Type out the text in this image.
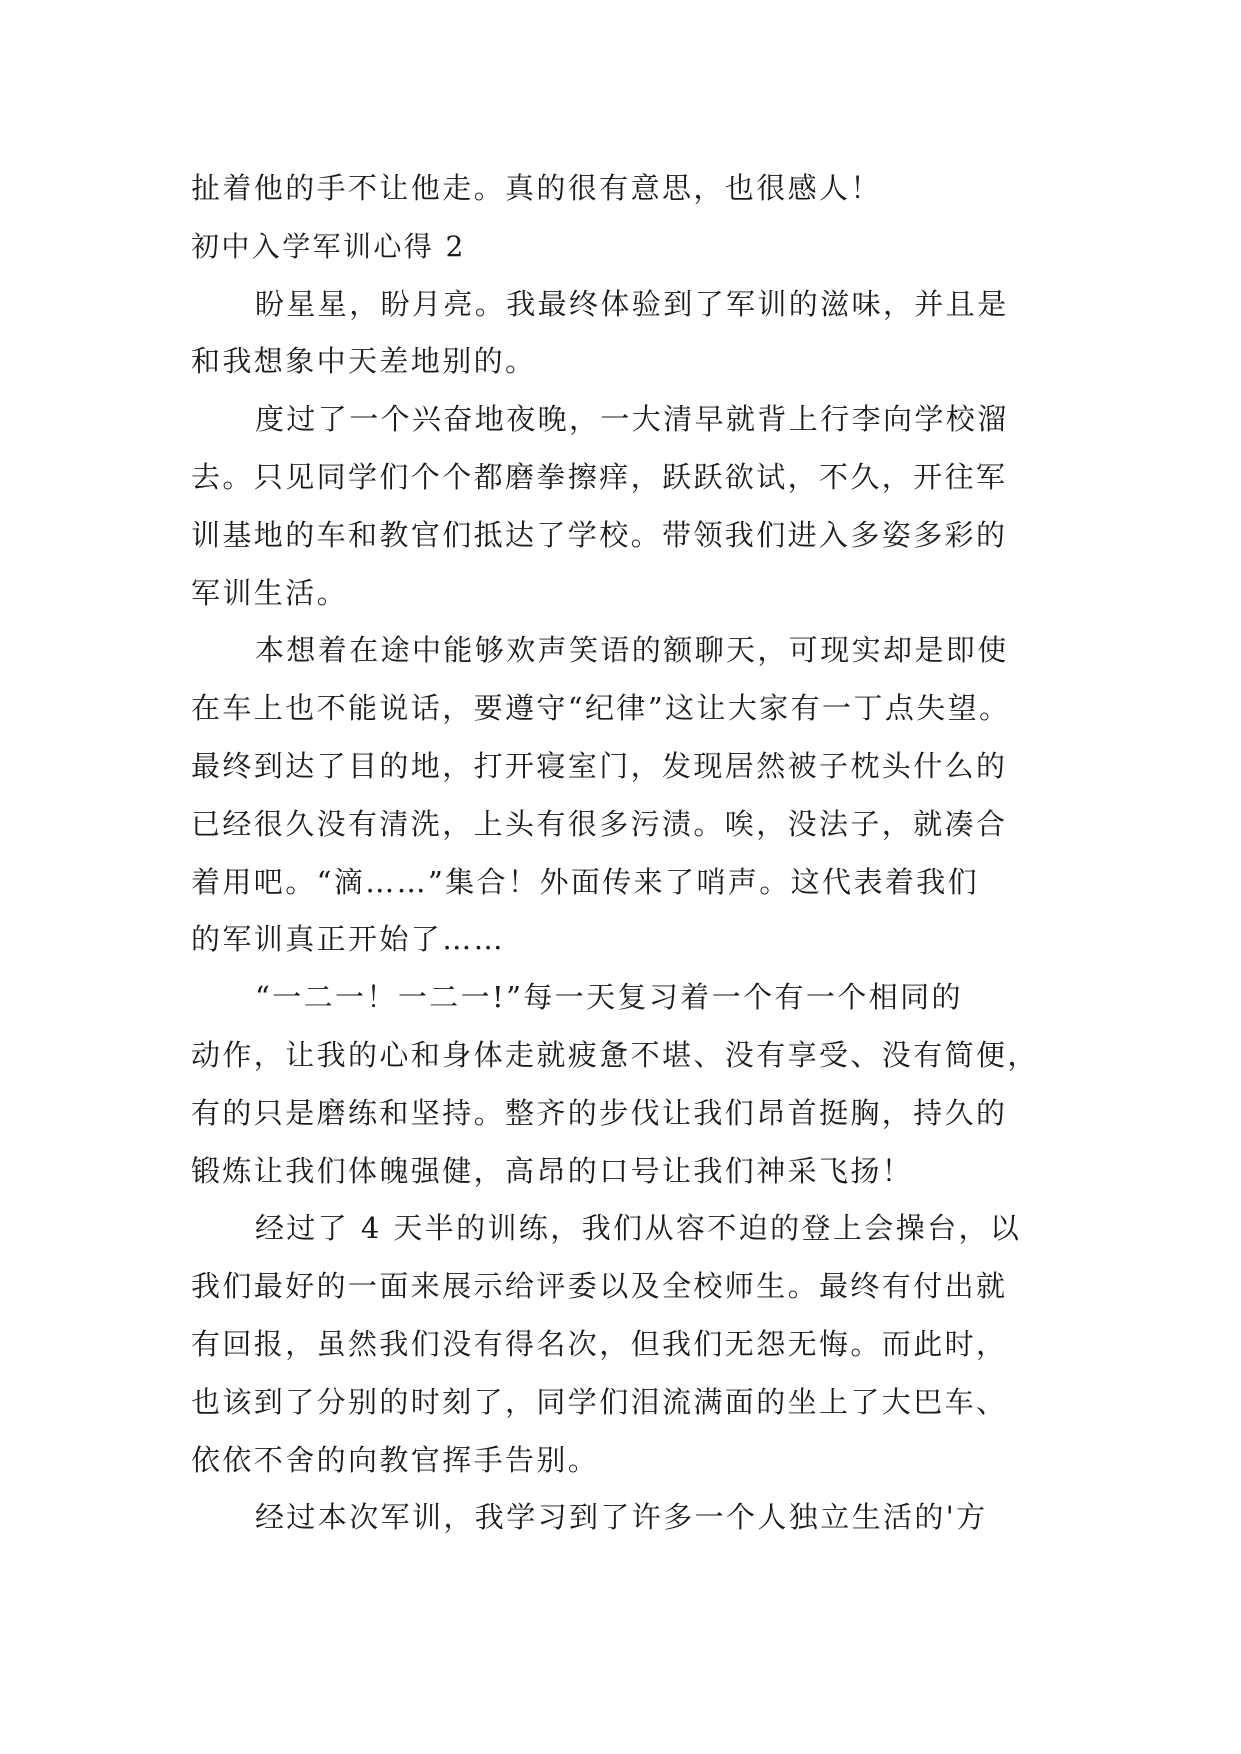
扯着他的手不让他走。真的很有意思，也很感人！
初中入学军训心得 2
盼星星，盼月亮。我最终体验到了军训的滋味，并且是
和我想象中天差地别的。
度过了一个兴奋地夜晚，一大清早就背上行李向学校溜
去。只见同学们个个都磨拳擦痒，跃跃欲试，不久，开往军
训基地的车和教官们抵达了学校。带领我们进入多姿多彩的
军训生活。
本想着在途中能够欢声笑语的额聊天，可现实却是即使
在车上也不能说话，要遵守“纪律”这让大家有一丁点失望。
最终到达了目的地，打开寝室门，发现居然被子枕头什么的
已经很久没有清洗，上头有很多污渍。唉，没法子，就凑合
着用吧。“滴……”集合！外面传来了哨声。这代表着我们
的军训真正开始了……
“一二一！一二一!”每一天复习着一个有一个相同的
动作，让我的心和身体走就疲惫不堪、没有享受、没有简便，
有的只是磨练和坚持。整齐的步伐让我们昂首挺胸，持久的
锻炼让我们体魄强健，高昂的口号让我们神采飞扬！
经过了 4 天半的训练，我们从容不迫的登上会操台，以
我们最好的一面来展示给评委以及全校师生。最终有付出就
有回报，虽然我们没有得名次，但我们无怨无悔。而此时，
也该到了分别的时刻了，同学们泪流满面的坐上了大巴车、
依依不舍的向教官挥手告别。
经过本次军训，我学习到了许多一个人独立生活的'方
